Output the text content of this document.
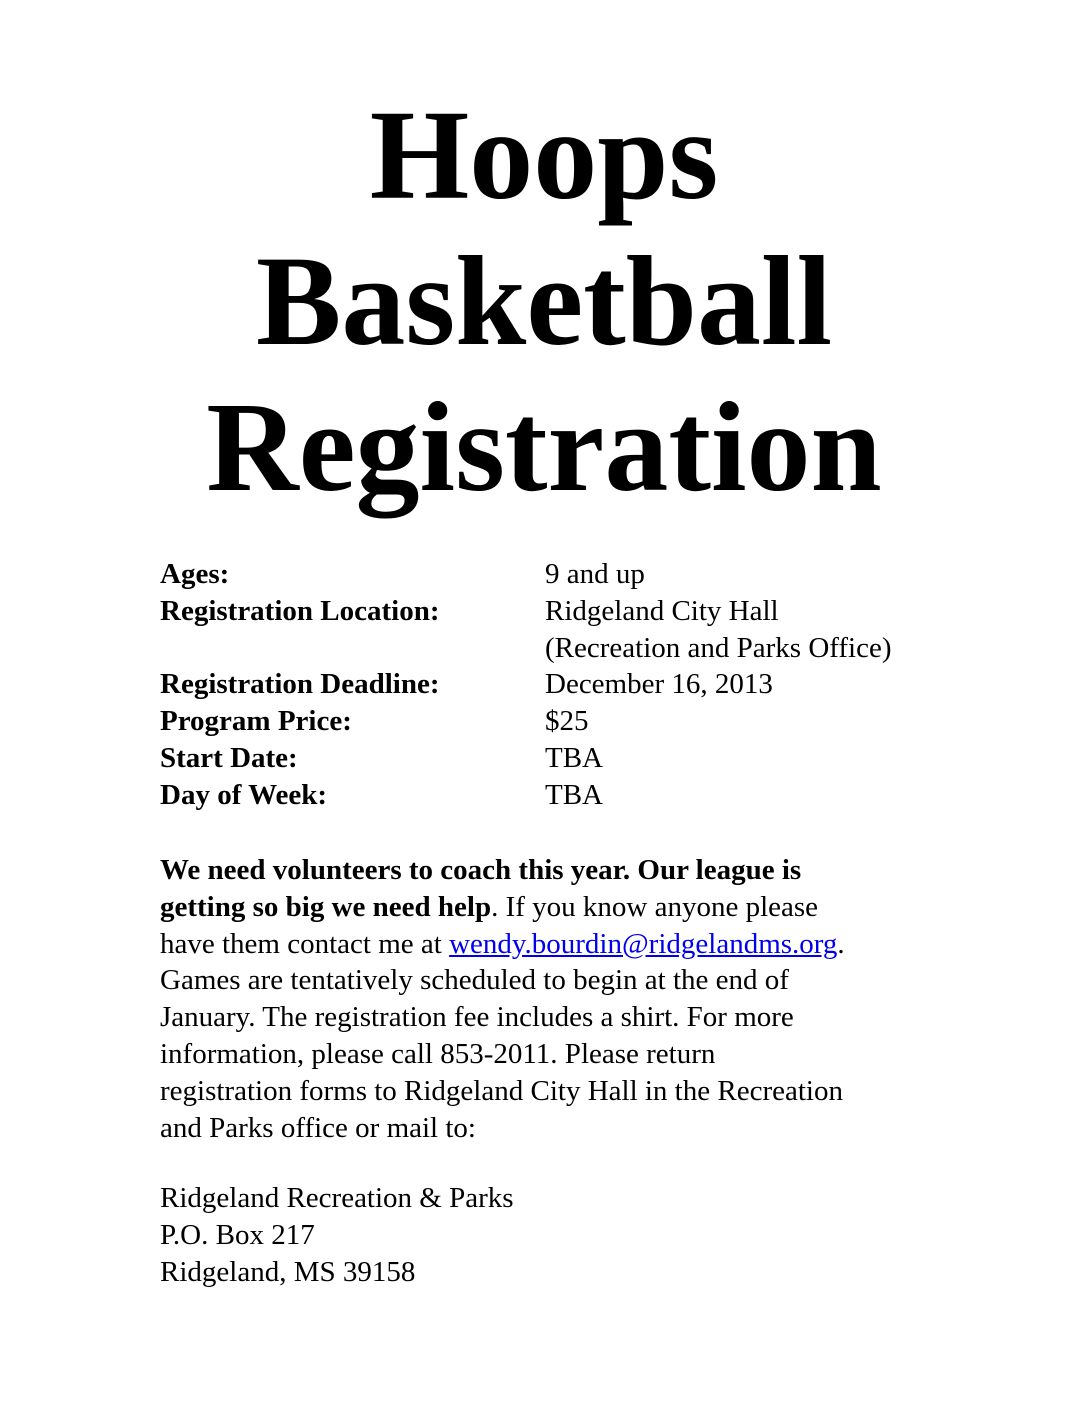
Hoops
Basketball
Registration
Ages:	9 and up
Registration Location:	Ridgeland City Hall
(Recreation and Parks Office)
Registration Deadline:	December 16, 2013
Program Price:	$25
Start Date:	TBA
Day of Week:	TBA
We need volunteers to coach this year. Our league is
getting so big we need help. If you know anyone please
have them contact me at wendy.bourdin@ridgelandms.org.
Games are tentatively scheduled to begin at the end of
January. The registration fee includes a shirt. For more
information, please call 853-2011. Please return
registration forms to Ridgeland City Hall in the Recreation
and Parks office or mail to:
Ridgeland Recreation & Parks
P.O. Box 217
Ridgeland, MS 39158
